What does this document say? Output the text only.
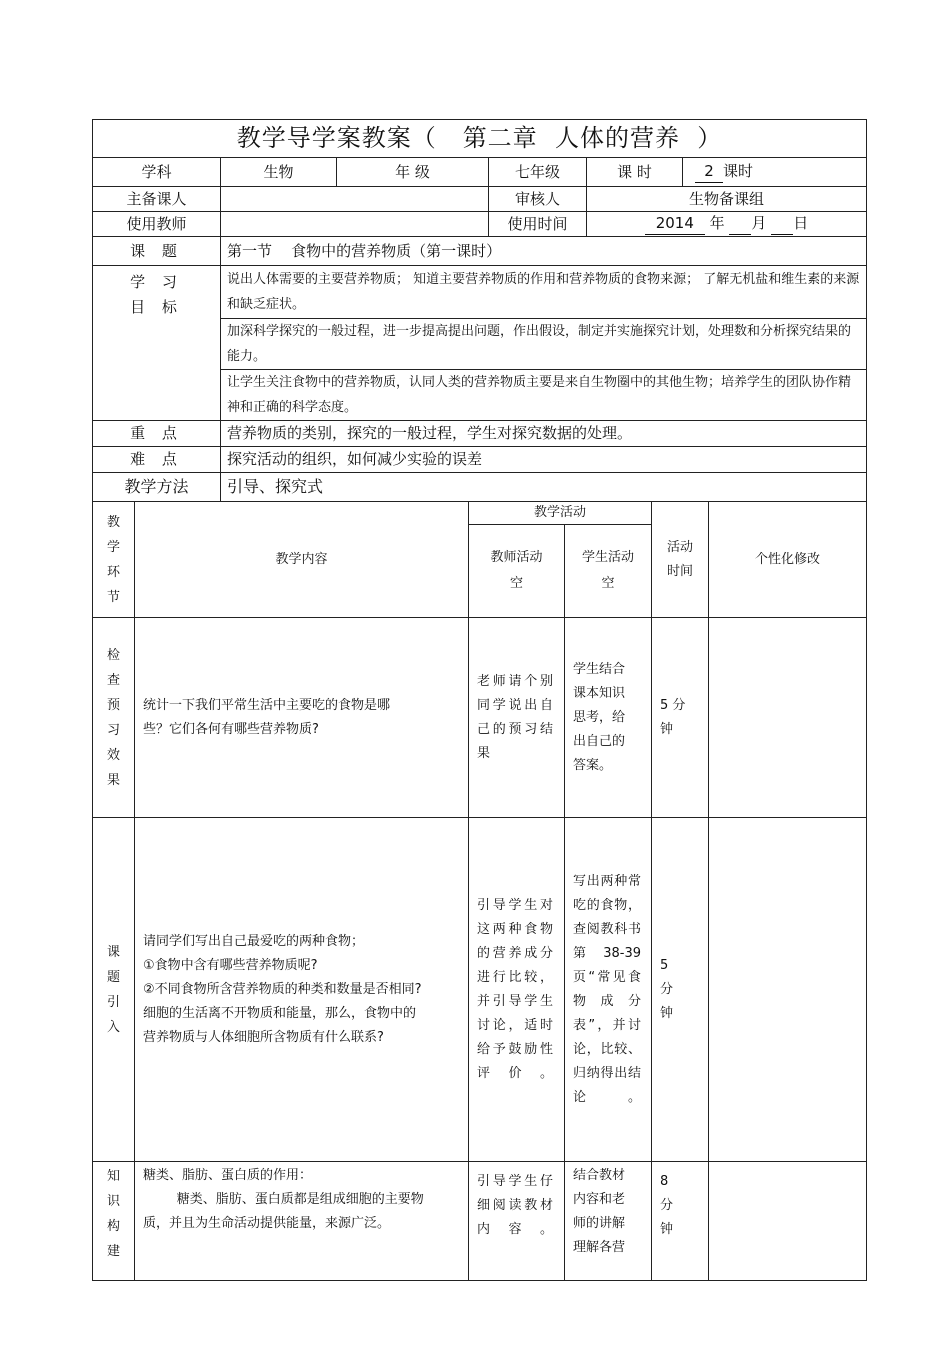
教学导学案教案（ 第二章 人体的营养 ）					
学科	生物	年 级	七年级	课 时	2 课时
主备课人			审核人	生物备课组	
使用教师			使用时间	2014 年 月 日	
课 题	第一节    食物中的营养物质（第一课时）				

学 习
目 标	说出人体需要的主要营养物质； 知道主要营养物质的作用和营养物质的食物来源； 了解无机盐和维生素的来源和缺乏症状。				
	加深科学探究的一般过程，进一步提高提出问题，作出假设，制定并实施探究计划，处理数和分析探究结果的能力。				
	让学生关注食物中的营养物质，认同人类的营养物质主要是来自生物圈中的其他生物；培养学生的团队协作精神和正确的科学态度。				
重 点	营养物质的类别，探究的一般过程，学生对探究数据的处理。				
难 点	探究活动的组织，如何减少实验的误差				
教学方法	引导、探究式				
教学环节	教学内容	教学活动		活动时间	个性化修改

		教师活动空	学生活动空		

检查预习效果	统计一下我们平常生活中主要吃的食物是哪些？它们各何有哪些营养物质?	老师请个别同学说出自己的预习结果	学生结合课本知识思考，给出自己的答案。	5 分钟	

课题引入	请同学们写出自己最爱吃的两种食物；
①食物中含有哪些营养物质呢?
②不同食物所含营养物质的种类和数量是否相同?
细胞的生活离不开物质和能量，那么，食物中的营养物质与人体细胞所含物质有什么联系?	引导学生对这两种食物的营养成分进行比较，并引导学生讨论，适时给予鼓励性评价。	写出两种常吃的食物，查阅教科书第38-39 页“常见食物成分表”，并讨论，比较、归纳得出结论。	5 分钟	

知识构建	糖类、脂肪、蛋白质的作用：
糖类、脂肪、蛋白质都是组成细胞的主要物质，并且为生命活动提供能量，来源广泛。	引导学生仔细阅读教材内容。	结合教材内容和老师的讲解理解各营	8 分钟	
